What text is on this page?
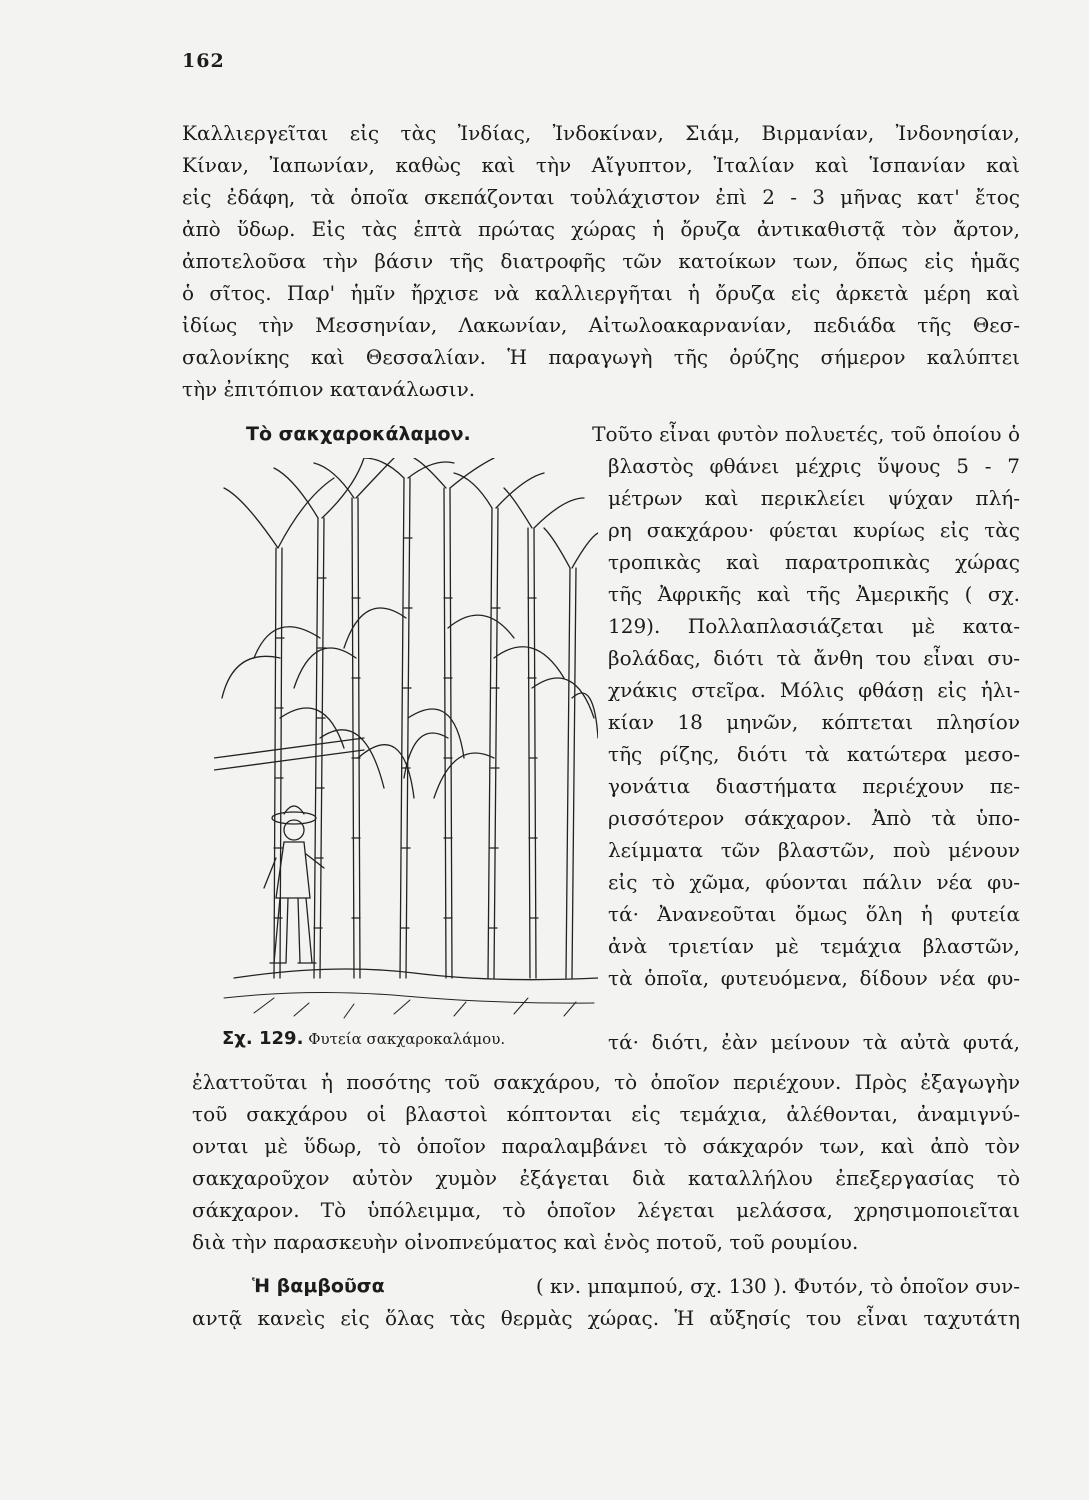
162
Καλλιεργεῖται εἰς τὰς Ἰνδίας, Ἰνδοκίναν, Σιάμ, Βιρμανίαν, Ἰνδονησίαν,
Κίναν, Ἰαπωνίαν, καθὼς καὶ τὴν Αἴγυπτον, Ἰταλίαν καὶ Ἱσπανίαν καὶ
εἰς ἐδάφη, τὰ ὁποῖα σκεπάζονται τοὐλάχιστον ἐπὶ 2 - 3 μῆνας κατ' ἔτος
ἀπὸ ὕδωρ. Εἰς τὰς ἑπτὰ πρώτας χώρας ἡ ὄρυζα ἀντικαθιστᾷ τὸν ἄρτον,
ἀποτελοῦσα τὴν βάσιν τῆς διατροφῆς τῶν κατοίκων των, ὅπως εἰς ἡμᾶς
ὁ σῖτος. Παρ' ἡμῖν ἤρχισε νὰ καλλιεργῆται ἡ ὄρυζα εἰς ἀρκετὰ μέρη καὶ
ἰδίως τὴν Μεσσηνίαν, Λακωνίαν, Αἰτωλοακαρνανίαν, πεδιάδα τῆς Θεσ-
σαλονίκης καὶ Θεσσαλίαν. Ἡ παραγωγὴ τῆς ὀρύζης σήμερον καλύπτει
τὴν ἐπιτόπιον κατανάλωσιν.
Τὸ σακχαροκάλαμον.	Τοῦτο εἶναι φυτὸν πολυετές, τοῦ ὁποίου ὁ
βλαστὸς φθάνει μέχρις ὕψους 5 - 7
μέτρων καὶ περικλείει ψύχαν πλή-
ρη σακχάρου· φύεται κυρίως εἰς τὰς
τροπικὰς καὶ παρατροπικὰς χώρας
τῆς Ἀφρικῆς καὶ τῆς Ἀμερικῆς ( σχ.
129). Πολλαπλασιάζεται μὲ κατα-
βολάδας, διότι τὰ ἄνθη του εἶναι συ-
χνάκις στεῖρα. Μόλις φθάσῃ εἰς ἡλι-
κίαν 18 μηνῶν, κόπτεται πλησίον
τῆς ρίζης, διότι τὰ κατώτερα μεσο-
γονάτια διαστήματα περιέχουν πε-
ρισσότερον σάκχαρον. Ἀπὸ τὰ ὑπο-
λείμματα τῶν βλαστῶν, ποὺ μένουν
εἰς τὸ χῶμα, φύονται πάλιν νέα φυ-
τά· Ἀνανεοῦται ὅμως ὅλη ἡ φυτεία
ἀνὰ τριετίαν μὲ τεμάχια βλαστῶν,
τὰ ὁποῖα, φυτευόμενα, δίδουν νέα φυ-
τά· διότι, ἐὰν μείνουν τὰ αὐτὰ φυτά,
Σχ. 129. Φυτεία σακχαροκαλάμου.
ἐλαττοῦται ἡ ποσότης τοῦ σακχάρου, τὸ ὁποῖον περιέχουν. Πρὸς ἐξαγωγὴν
τοῦ σακχάρου οἱ βλαστοὶ κόπτονται εἰς τεμάχια, ἀλέθονται, ἀναμιγνύ-
ονται μὲ ὕδωρ, τὸ ὁποῖον παραλαμβάνει τὸ σάκχαρόν των, καὶ ἀπὸ τὸν
σακχαροῦχον αὐτὸν χυμὸν ἐξάγεται διὰ καταλλήλου ἐπεξεργασίας τὸ
σάκχαρον. Τὸ ὑπόλειμμα, τὸ ὁποῖον λέγεται μελάσσα, χρησιμοποιεῖται
διὰ τὴν παρασκευὴν οἰνοπνεύματος καὶ ἑνὸς ποτοῦ, τοῦ ρουμίου.
Ἡ βαμβοῦσα	( κν. μπαμπού, σχ. 130 ). Φυτόν, τὸ ὁποῖον συν-
αντᾷ κανεὶς εἰς ὅλας τὰς θερμὰς χώρας. Ἡ αὔξησίς του εἶναι ταχυτάτη
